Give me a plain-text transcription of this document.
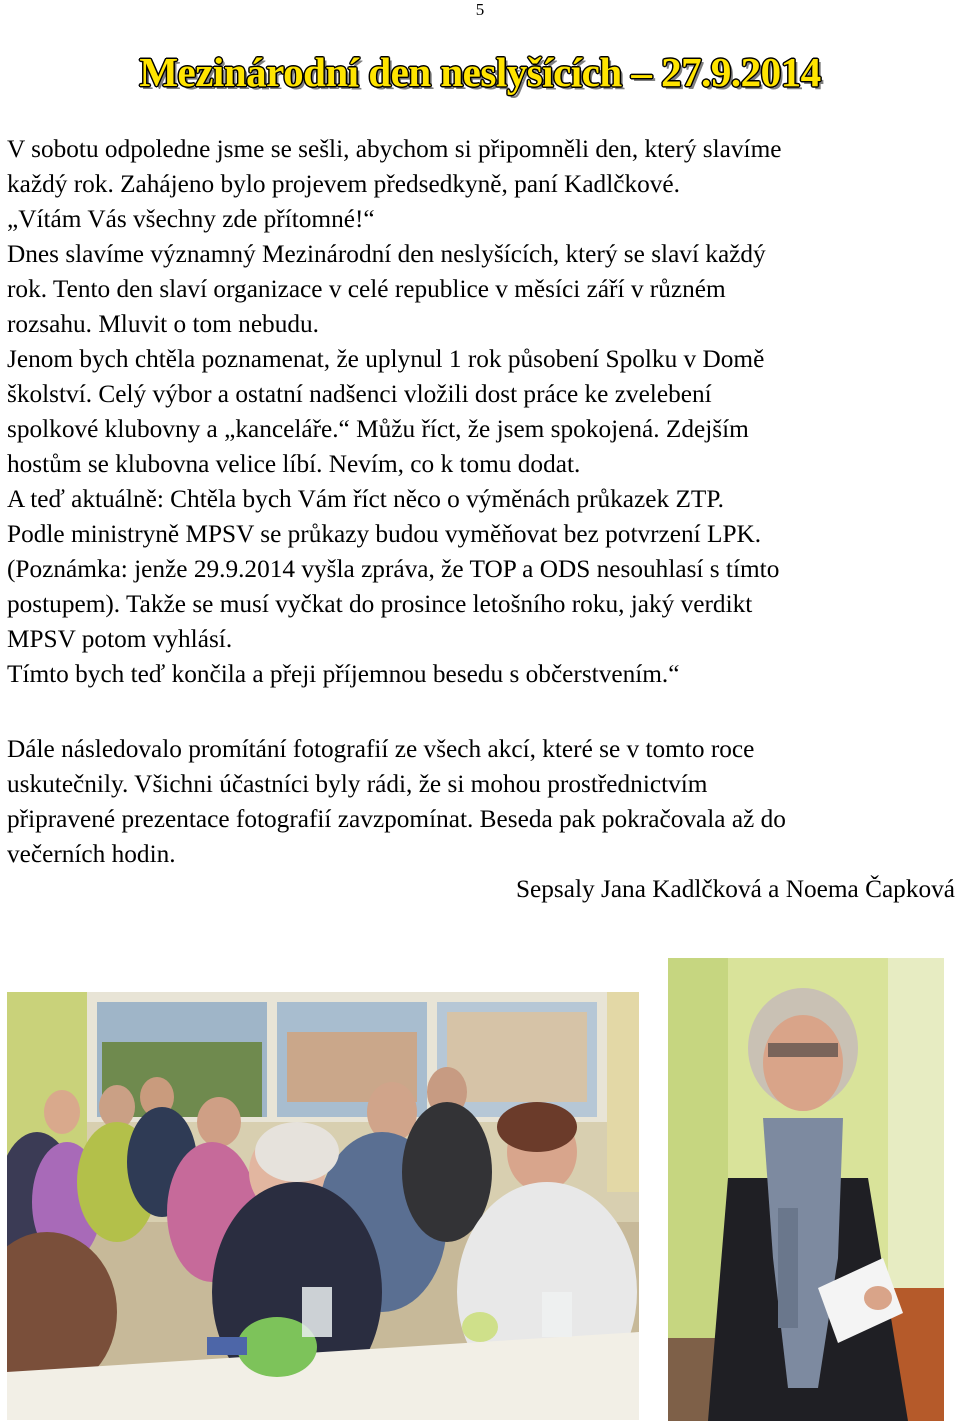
5
Mezinárodní den neslyšících – 27.9.2014
V sobotu odpoledne jsme se sešli, abychom si připomněli den, který slavíme
každý rok. Zahájeno bylo projevem předsedkyně, paní Kadlčkové.
„Vítám Vás všechny zde přítomné!“
Dnes slavíme významný Mezinárodní den neslyšících, který se slaví každý
rok. Tento den slaví organizace v celé republice v měsíci září v různém
rozsahu. Mluvit o tom nebudu.
Jenom bych chtěla poznamenat, že uplynul 1 rok působení Spolku v Domě
školství. Celý výbor a ostatní nadšenci vložili dost práce ke zvelebení
spolkové klubovny a „kanceláře.“ Můžu říct, že jsem spokojená. Zdejším
hostům se klubovna velice líbí. Nevím, co k tomu dodat.
A teď aktuálně: Chtěla bych Vám říct něco o výměnách průkazek ZTP.
Podle ministryně MPSV se průkazy budou vyměňovat bez potvrzení LPK.
(Poznámka: jenže 29.9.2014 vyšla zpráva, že TOP a ODS nesouhlasí s tímto
postupem). Takže se musí vyčkat do prosince letošního roku, jaký verdikt
MPSV potom vyhlásí.
Tímto bych teď končila a přeji příjemnou besedu s občerstvením.“
Dále následovalo promítání fotografií ze všech akcí, které se v tomto roce
uskutečnily. Všichni účastníci byly rádi, že si mohou prostřednictvím
připravené prezentace fotografií zavzpomínat. Beseda pak pokračovala až do
večerních hodin.
Sepsaly Jana Kadlčková a Noema Čapková
